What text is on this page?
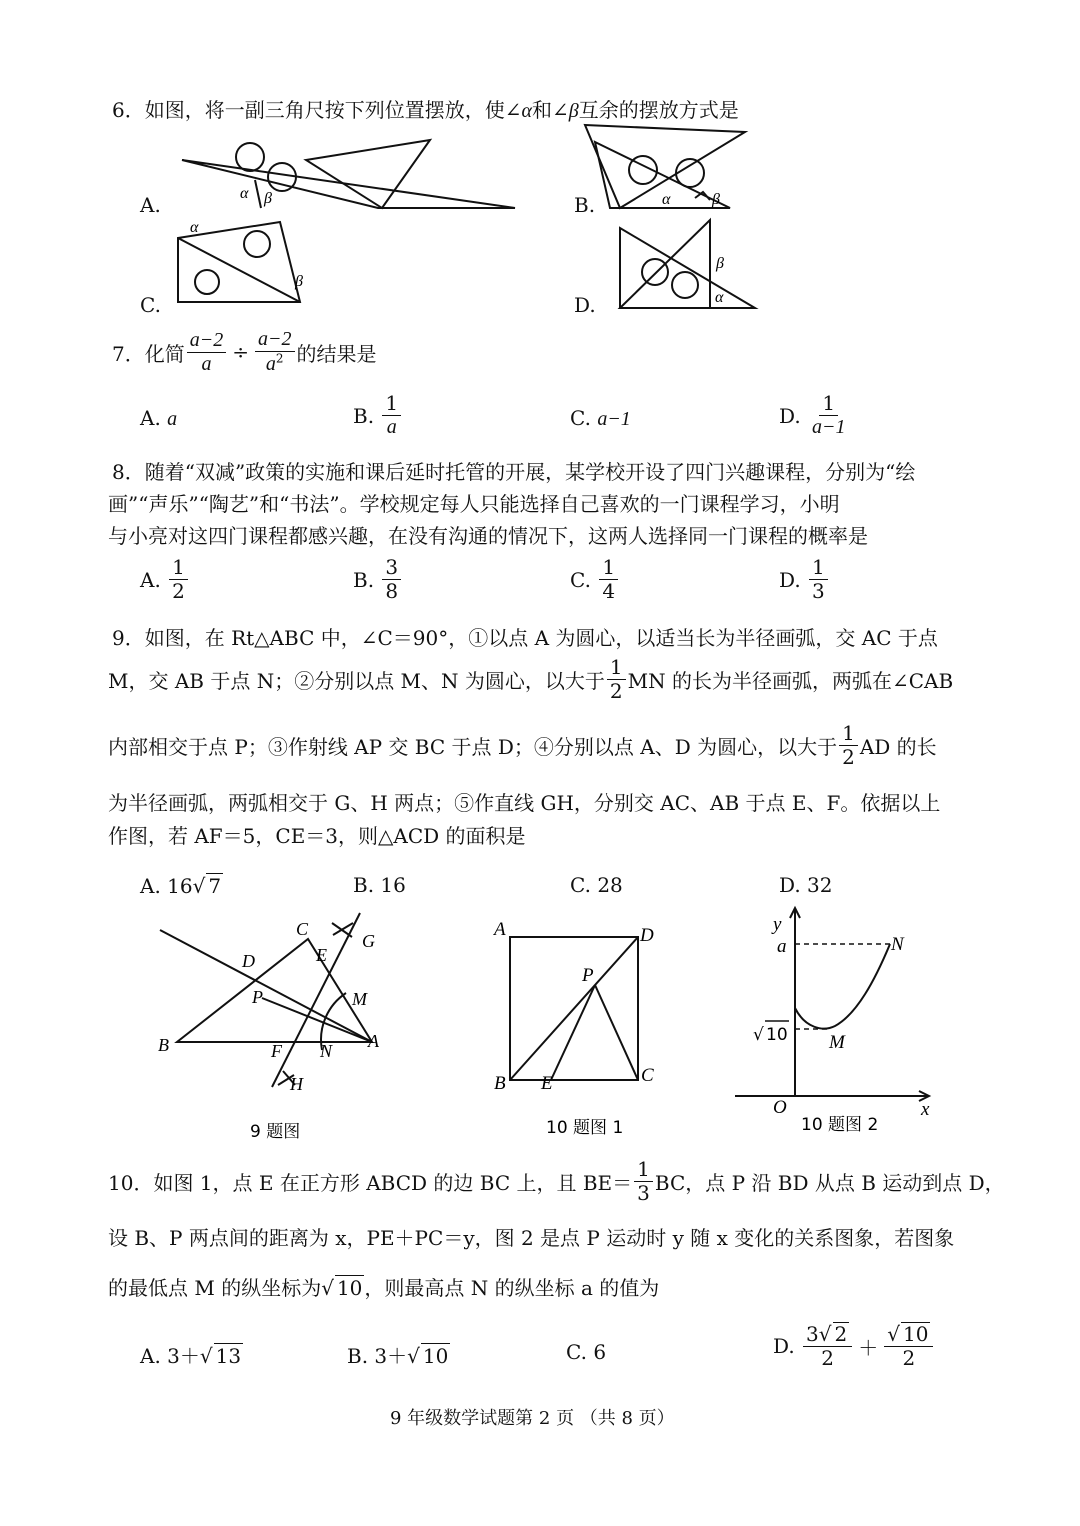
6．如图，将一副三角尺按下列位置摆放，使∠α和∠β互余的摆放方式是
α β	α	β
α
β
β
α
A.	B.
C.	D.
7．化简 $\frac{a-2}{a} \div \frac{a-2}{a^2}$ 的结果是
A. a	B.
$\frac{1}{a}$	C. a−1	D.
$\frac{1}{a-1}$
8．随着“双减”政策的实施和课后延时托管的开展，某学校开设了四门兴趣课程，分别为“绘
画”“声乐”“陶艺”和“书法”。学校规定每人只能选择自己喜欢的一门课程学习，小明
与小亮对这四门课程都感兴趣，在没有沟通的情况下，这两人选择同一门课程的概率是
A.
$\frac{1}{2}$	B.
$\frac{3}{8}$	C.
$\frac{1}{4}$	D.
$\frac{1}{3}$
9．如图，在 Rt△ABC 中，∠C＝90°，①以点 A 为圆心，以适当长为半径画弧，交 AC 于点
M，交 AB 于点 N；②分别以点 M、N 为圆心，以大于 $\frac{1}{2}$ MN 的长为半径画弧，两弧在∠CAB
内部相交于点 P；③作射线 AP 交 BC 于点 D；④分别以点 A、D 为圆心，以大于 $\frac{1}{2}$ AD 的长
为半径画弧，两弧相交于 G、H 两点；⑤作直线 GH，分别交 AC、AB 于点 E、F。依据以上
作图，若 AF＝5，CE＝3，则△ACD 的面积是
A. 16√ 7	B. 16	C. 28	D. 32
C
G
D	E
P	M
B	F N A
H
9 题图
A	D
P
B E	C
10 题图 1
y
a	N
M
O	x
√ 10
10 题图 2
10．如图 1，点 E 在正方形 ABCD 的边 BC 上，且 $BE= \frac{1}{3}$ BC，点 P 沿 BD 从点 B 运动到点 D，
设 B、P 两点间的距离为 x，PE＋PC＝y，图 2 是点 P 运动时 y 随 x 变化的关系图象，若图象
的最低点 M 的纵坐标为√ 10 ，则最高点 N 的纵坐标 a 的值为
A. 3＋√ 13	B. 3＋√ 10	C. 6	D.
$\frac{3√ 2}{2} + \frac{√ 10}{2}$
9 年级数学试题第 2 页 （共 8 页）
